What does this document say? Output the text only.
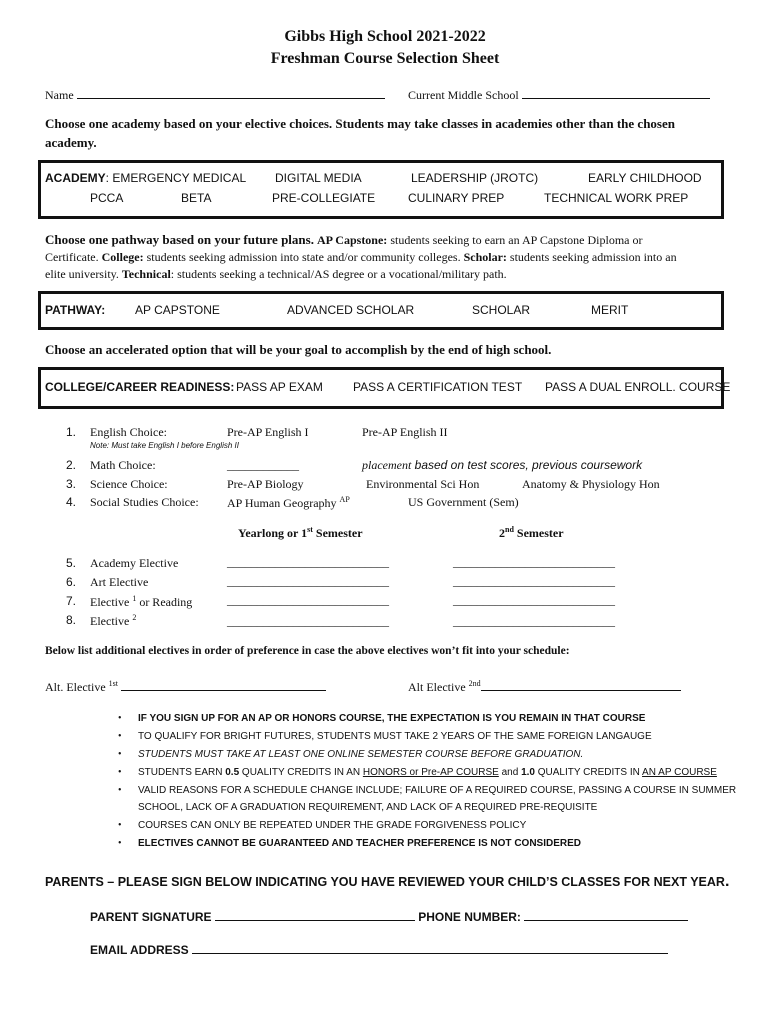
Gibbs High School 2021-2022
Freshman Course Selection Sheet
Name	Current Middle School
Choose one academy based on your elective choices. Students may take classes in academies other than the chosen
academy.
ACADEMY: EMERGENCY MEDICAL DIGITAL MEDIA	LEADERSHIP (JROTC)	EARLY CHILDHOOD
PCCA	BETA	PRE-COLLEGIATE	CULINARY PREP	TECHNICAL WORK PREP
Choose one pathway based on your future plans. AP Capstone: students seeking to earn an AP Capstone Diploma or
Certificate. College: students seeking admission into state and/or community colleges. Scholar: students seeking admission into an
elite university. Technical: students seeking a technical/AS degree or a vocational/military path.
PATHWAY: AP CAPSTONE	ADVANCED SCHOLAR	SCHOLAR	MERIT
Choose an accelerated option that will be your goal to accomplish by the end of high school.
COLLEGE/CAREER READINESS: PASS AP EXAM	PASS A CERTIFICATION TEST PASS A DUAL ENROLL. COURSE
1. English Choice:	Pre-AP English I	Pre-AP English II
Note: Must take English I before English II
2. Math Choice:	____________	placement based on test scores, previous coursework
3. Science Choice:	Pre-AP Biology	Environmental Sci Hon	Anatomy & Physiology Hon
4. Social Studies Choice: AP Human Geography $^{AP}$	US Government (Sem)
Yearlong or 1st Semester	2nd Semester
5. Academy Elective	___________________________	___________________________
6. Art Elective	___________________________	___________________________
7. Elective $^1$ or Reading	___________________________	___________________________
8. Elective $^2$	___________________________	___________________________
Below list additional electives in order of preference in case the above electives won’t fit into your schedule:
Alt. Elective $^{1st}$	Alt Elective $^{2nd}$
• IF YOU SIGN UP FOR AN AP OR HONORS COURSE, THE EXPECTATION IS YOU REMAIN IN THAT COURSE
• TO QUALIFY FOR BRIGHT FUTURES, STUDENTS MUST TAKE 2 YEARS OF THE SAME FOREIGN LANGAUGE
• STUDENTS MUST TAKE AT LEAST ONE ONLINE SEMESTER COURSE BEFORE GRADUATION.
• STUDENTS EARN 0.5 QUALITY CREDITS IN AN HONORS or Pre-AP COURSE and 1.0 QUALITY CREDITS IN AN AP COURSE
• VALID REASONS FOR A SCHEDULE CHANGE INCLUDE; FAILURE OF A REQUIRED COURSE, PASSING A COURSE IN SUMMER
SCHOOL, LACK OF A GRADUATION REQUIREMENT, AND LACK OF A REQUIRED PRE-REQUISITE
• COURSES CAN ONLY BE REPEATED UNDER THE GRADE FORGIVENESS POLICY
• ELECTIVES CANNOT BE GUARANTEED AND TEACHER PREFERENCE IS NOT CONSIDERED
PARENTS – PLEASE SIGN BELOW INDICATING YOU HAVE REVIEWED YOUR CHILD’S CLASSES FOR NEXT YEAR.
PARENT SIGNATURE	PHONE NUMBER:
EMAIL ADDRESS
